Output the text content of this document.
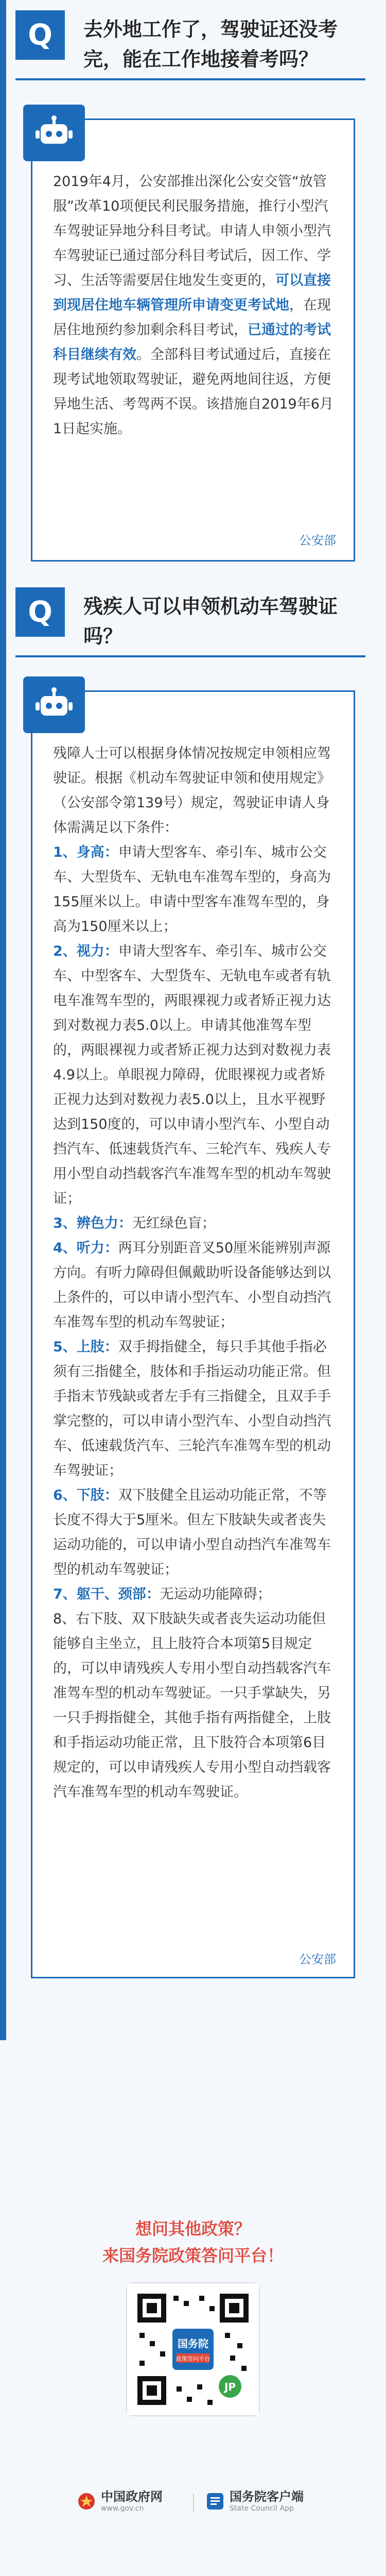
Q	去外地工作了，驾驶证还没考完，能在工作地接着考吗？
2019年4月，公安部推出深化公安交管“放管服”改革10项便民利民服务措施，推行小型汽车驾驶证异地分科目考试。申请人申领小型汽车驾驶证已通过部分科目考试后，因工作、学习、生活等需要居住地发生变更的，可以直接到现居住地车辆管理所申请变更考试地，在现居住地预约参加剩余科目考试，已通过的考试科目继续有效。全部科目考试通过后，直接在现考试地领取驾驶证，避免两地间往返，方便异地生活、考驾两不误。该措施自2019年6月1日起实施。
公安部
Q	残疾人可以申领机动车驾驶证吗？
残障人士可以根据身体情况按规定申领相应驾驶证。根据《机动车驾驶证申领和使用规定》（公安部令第139号）规定，驾驶证申请人身体需满足以下条件：
1、身高：申请大型客车、牵引车、城市公交车、大型货车、无轨电车准驾车型的，身高为155厘米以上。申请中型客车准驾车型的，身高为150厘米以上；
2、视力：申请大型客车、牵引车、城市公交车、中型客车、大型货车、无轨电车或者有轨电车准驾车型的，两眼裸视力或者矫正视力达到对数视力表5.0以上。申请其他准驾车型的，两眼裸视力或者矫正视力达到对数视力表4.9以上。单眼视力障碍，优眼裸视力或者矫正视力达到对数视力表5.0以上，且水平视野达到150度的，可以申请小型汽车、小型自动挡汽车、低速载货汽车、三轮汽车、残疾人专用小型自动挡载客汽车准驾车型的机动车驾驶证；
3、辨色力：无红绿色盲；
4、听力：两耳分别距音叉50厘米能辨别声源方向。有听力障碍但佩戴助听设备能够达到以上条件的，可以申请小型汽车、小型自动挡汽车准驾车型的机动车驾驶证；
5、上肢：双手拇指健全，每只手其他手指必须有三指健全，肢体和手指运动功能正常。但手指末节残缺或者左手有三指健全，且双手手掌完整的，可以申请小型汽车、小型自动挡汽车、低速载货汽车、三轮汽车准驾车型的机动车驾驶证；
6、下肢：双下肢健全且运动功能正常，不等长度不得大于5厘米。但左下肢缺失或者丧失运动功能的，可以申请小型自动挡汽车准驾车型的机动车驾驶证；
7、躯干、颈部：无运动功能障碍；
8、右下肢、双下肢缺失或者丧失运动功能但能够自主坐立，且上肢符合本项第5目规定的，可以申请残疾人专用小型自动挡载客汽车准驾车型的机动车驾驶证。一只手掌缺失，另一只手拇指健全，其他手指有两指健全，上肢和手指运动功能正常，且下肢符合本项第6目规定的，可以申请残疾人专用小型自动挡载客汽车准驾车型的机动车驾驶证。
公安部
想问其他政策？
来国务院政策答问平台！
国务院
政策答问平台
JP
中国政府网
www.gov.cn
国务院客户端
State Council App
